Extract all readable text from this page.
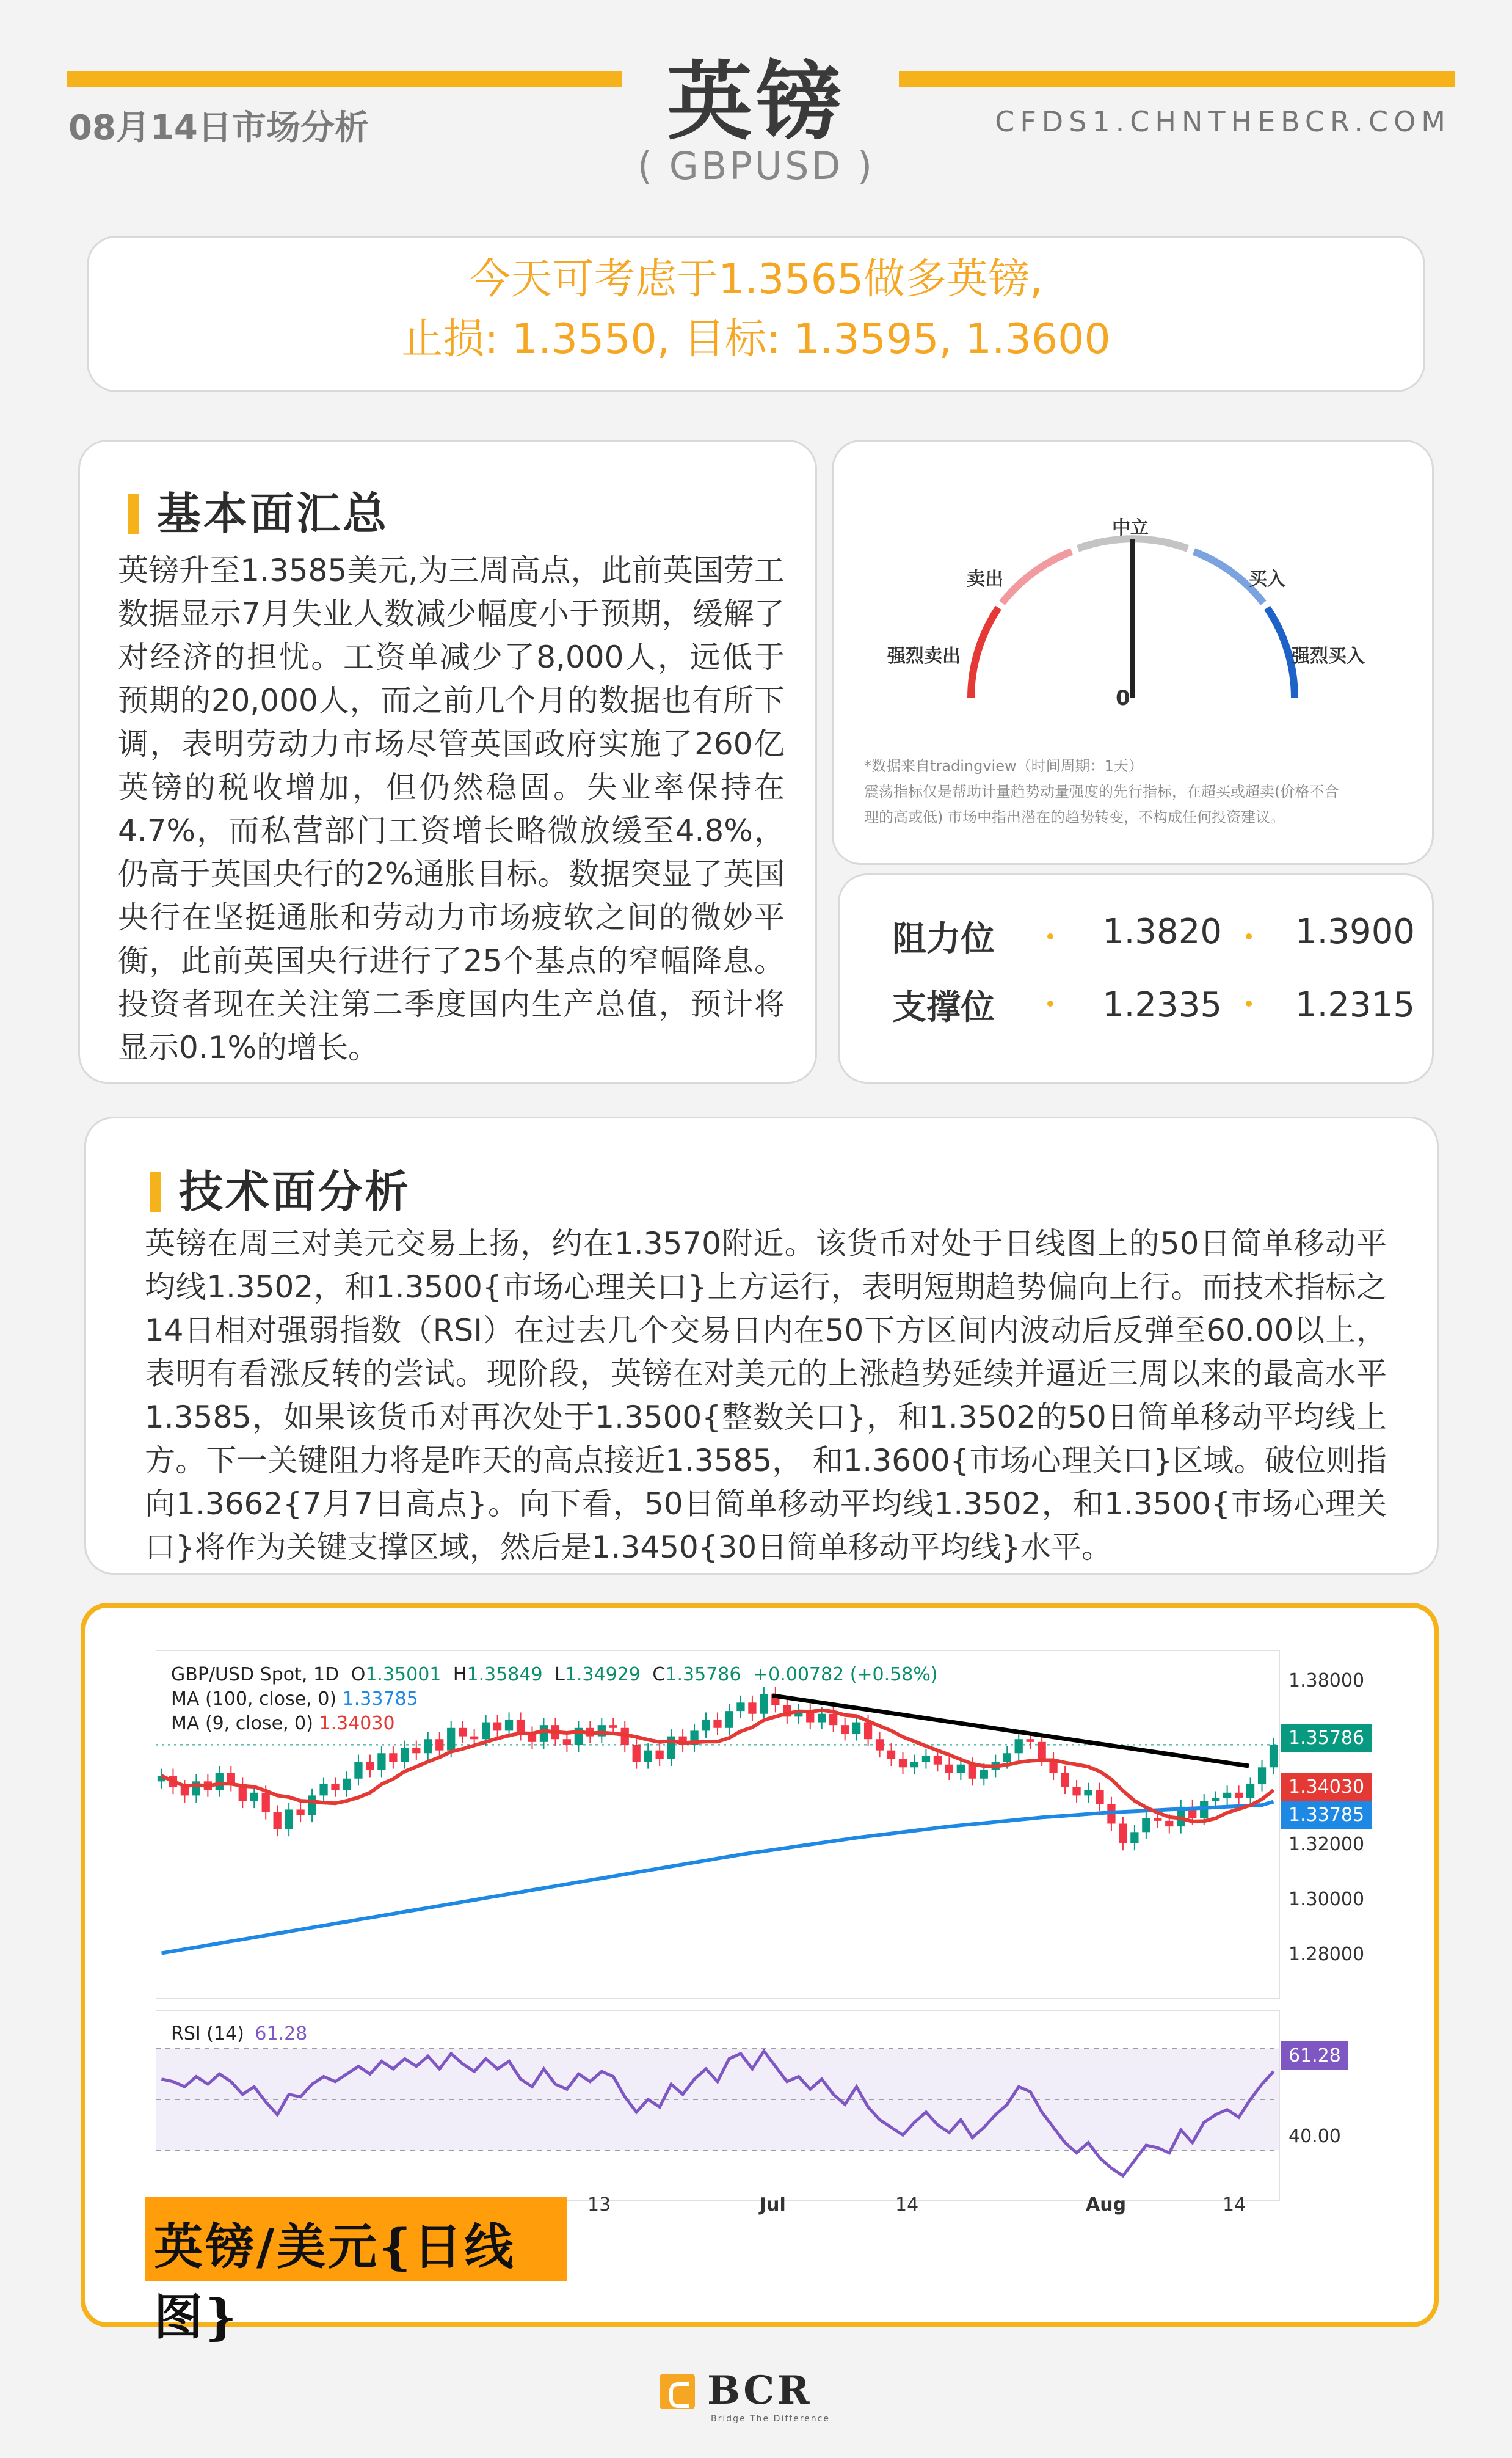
08月14日市场分析	英镑
( GBPUSD )
CFDS1.CHNTHEBCR.COM
今天可考虑于1.3565做多英镑,
止损: 1.3550, 目标: 1.3595, 1.3600
基本面汇总
英镑升至1.3585美元,为三周高点，此前英国劳工数据显示7月失业人数减少幅度小于预期，缓解了对经济的担忧。工资单减少了8,000人，远低于预期的20,000人，而之前几个月的数据也有所下调，表明劳动力市场尽管英国政府实施了260亿英镑的税收增加，但仍然稳固。失业率保持在4.7%，而私营部门工资增长略微放缓至4.8%，仍高于英国央行的2%通胀目标。数据突显了英国央行在坚挺通胀和劳动力市场疲软之间的微妙平衡，此前英国央行进行了25个基点的窄幅降息。投资者现在关注第二季度国内生产总值，预计将显示0.1%的增长。
中立
卖出	买入
强烈卖出	强烈买入
0
*数据来自tradingview（时间周期：1天）
震荡指标仅是帮助计量趋势动量强度的先行指标，在超买或超卖(价格不合
理的高或低) 市场中指出潜在的趋势转变，不构成任何投资建议。
阻力位	1.3820 1.3900
支撑位	1.2335 1.2315
技术面分析
英镑在周三对美元交易上扬，约在1.3570附近。该货币对处于日线图上的50日简单移动平均线1.3502，和1.3500{市场心理关口}上方运行，表明短期趋势偏向上行。而技术指标之14日相对强弱指数（RSI）在过去几个交易日内在50下方区间内波动后反弹至60.00以上，表明有看涨反转的尝试。现阶段，英镑在对美元的上涨趋势延续并逼近三周以来的最高水平1.3585，如果该货币对再次处于1.3500{整数关口}，和1.3502的50日简单移动平均线上方。下一关键阻力将是昨天的高点接近1.3585， 和1.3600{市场心理关口}区域。破位则指向1.3662{7月7日高点}。向下看，50日简单移动平均线1.3502，和1.3500{市场心理关口}将作为关键支撑区域，然后是1.3450{30日简单移动平均线}水平。
GBP/USD Spot, 1D O1.35001 H1.35849 L1.34929 C1.35786 +0.00782 (+0.58%)
MA (100, close, 0) 1.33785
MA (9, close, 0) 1.34030
1.38000
1.32000
1.30000
1.28000
1.35786
1.34030
1.33785
RSI (14) 61.28
61.28
40.00
13	Jul	14	Aug	14
英镑/美元{日线图}
BCR
Bridge The Difference
